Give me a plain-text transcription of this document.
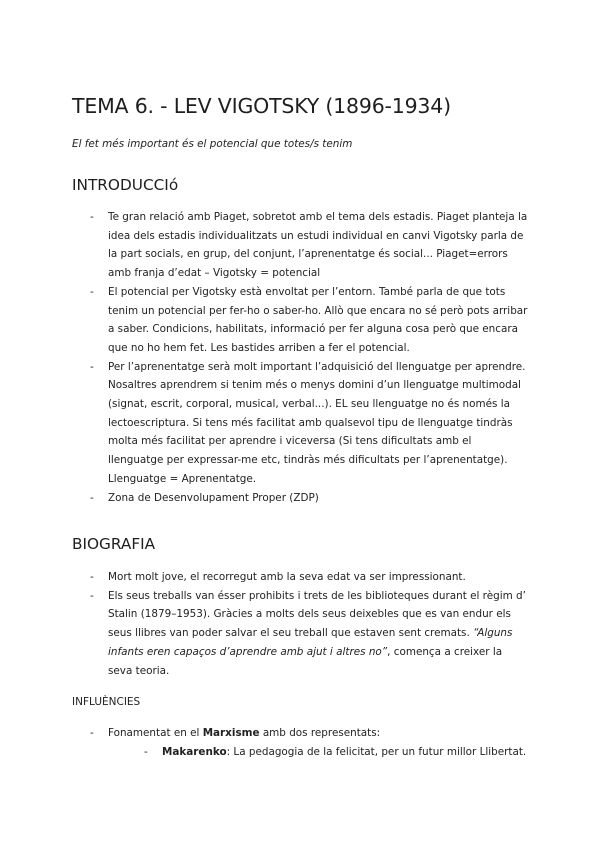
TEMA 6. - LEV VIGOTSKY (1896-1934)

El fet més important és el potencial que totes/s tenim

INTRODUCCIó
- Te gran relació amb Piaget, sobretot amb el tema dels estadis. Piaget planteja la idea dels estadis individualitzats un estudi individual en canvi Vigotsky parla de la part socials, en grup, del conjunt, l’aprenentatge és social... Piaget=errors amb franja d’edat – Vigotsky = potencial
- El potencial per Vigotsky està envoltat per l’entorn. També parla de que tots tenim un potencial per fer-ho o saber-ho. Allò que encara no sé però pots arribar a saber. Condicions, habilitats, informació per fer alguna cosa però que encara que no ho hem fet. Les bastides arriben a fer el potencial.
- Per l’aprenentatge serà molt important l’adquisició del llenguatge per aprendre. Nosaltres aprendrem si tenim més o menys domini d’un llenguatge multimodal (signat, escrit, corporal, musical, verbal...). EL seu llenguatge no és només la lectoescriptura. Si tens més facilitat amb qualsevol tipu de llenguatge tindràs molta més facilitat per aprendre i viceversa (Si tens dificultats amb el llenguatge per expressar-me etc, tindràs més dificultats per l’aprenentatge). Llenguatge = Aprenentatge.
- Zona de Desenvolupament Proper (ZDP)
BIOGRAFIA
- Mort molt jove, el recorregut amb la seva edat va ser impressionant.
- Els seus treballs van ésser prohibits i trets de les biblioteques durant el règim d’ Stalin (1879–1953). Gràcies a molts dels seus deixebles que es van endur els seus llibres van poder salvar el seu treball que estaven sent cremats. “Alguns infants eren capaços d’aprendre amb ajut i altres no”, comença a creixer la seva teoria.
INFLUÈNCIES
- Fonamentat en el Marxisme amb dos representats:
- Makarenko: La pedagogia de la felicitat, per un futur millor Llibertat.
